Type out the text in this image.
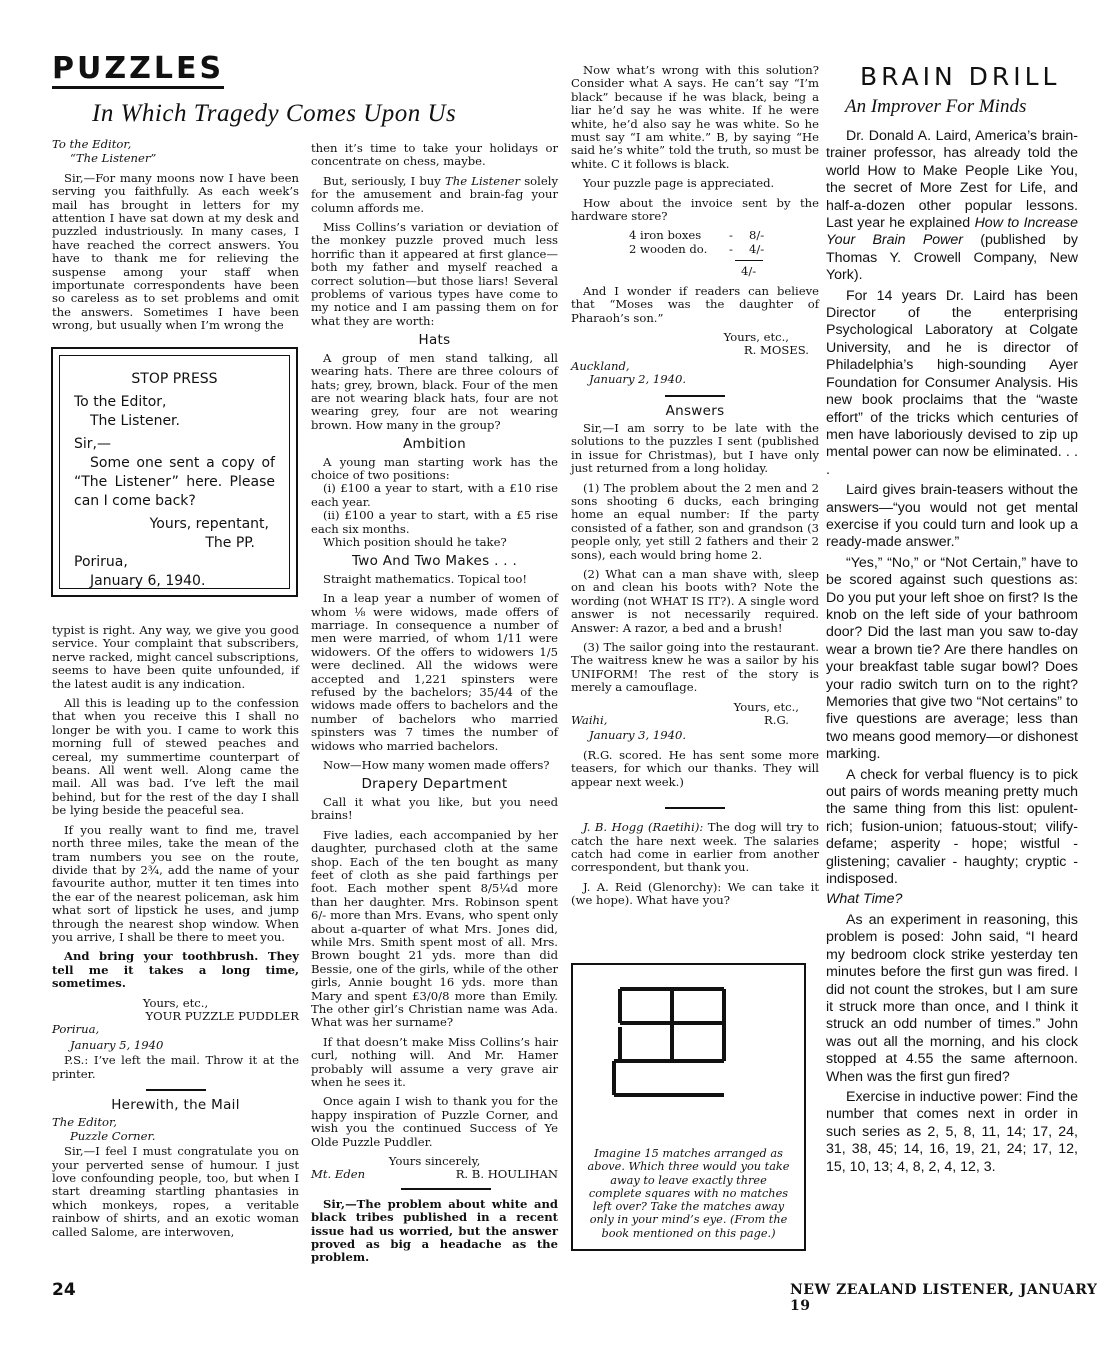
PUZZLES
In Which Tragedy Comes Upon Us

To the Editor,

“The Listener”

Sir,—For many moons now I have been serving you faithfully. As each week’s mail has brought in letters for my attention I have sat down at my desk and puzzled industriously. In many cases, I have reached the correct answers. You have to thank me for relieving the suspense among your staff when importunate correspondents have been so careless as to set problems and omit the answers. Sometimes I have been wrong, but usually when I’m wrong the

STOP PRESS
To the Editor,
The Listener.
Sir,—
Some one sent a copy of “The Listener” here. Please can I come back?
Yours, repentant,
The PP.
Porirua,
January 6, 1940.

typist is right. Any way, we give you good service. Your complaint that subscribers, nerve racked, might cancel subscriptions, seems to have been quite unfounded, if the latest audit is any indication.

All this is leading up to the confession that when you receive this I shall no longer be with you. I came to work this morning full of stewed peaches and cereal, my summertime counterpart of beans. All went well. Along came the mail. All was bad. I’ve left the mail behind, but for the rest of the day I shall be lying beside the peaceful sea.

If you really want to find me, travel north three miles, take the mean of the tram numbers you see on the route, divide that by 2¾, add the name of your favourite author, mutter it ten times into the ear of the nearest policeman, ask him what sort of lipstick he uses, and jump through the nearest shop window. When you arrive, I shall be there to meet you.

And bring your toothbrush. They tell me it takes a long time, sometimes.

Yours, etc.,

YOUR PUZZLE PUDDLER

Porirua,

January 5, 1940

P.S.: I’ve left the mail. Throw it at the printer.

Herewith, the Mail

The Editor,

Puzzle Corner.

Sir,—I feel I must congratulate you on your perverted sense of humour. I just love confounding people, too, but when I start dreaming startling phantasies in which monkeys, ropes, a veritable rainbow of shirts, and an exotic woman called Salome, are interwoven,

then it’s time to take your holidays or concentrate on chess, maybe.

But, seriously, I buy The Listener solely for the amusement and brain-fag your column affords me.

Miss Collins’s variation or deviation of the monkey puzzle proved much less horrific than it appeared at first glance—both my father and myself reached a correct solution—but those liars! Several problems of various types have come to my notice and I am passing them on for what they are worth:

Hats

A group of men stand talking, all wearing hats. There are three colours of hats; grey, brown, black. Four of the men are not wearing black hats, four are not wearing grey, four are not wearing brown. How many in the group?

Ambition

A young man starting work has the choice of two positions:

(i) £100 a year to start, with a £10 rise each year.

(ii) £100 a year to start, with a £5 rise each six months.

Which position should he take?

Two And Two Makes . . .

Straight mathematics. Topical too!

In a leap year a number of women of whom ⅛ were widows, made offers of marriage. In consequence a number of men were married, of whom 1/11 were widowers. Of the offers to widowers 1/5 were declined. All the widows were accepted and 1,221 spinsters were refused by the bachelors; 35/44 of the widows made offers to bachelors and the number of bachelors who married spinsters was 7 times the number of widows who married bachelors.

Now—How many women made offers?

Drapery Department

Call it what you like, but you need brains!

Five ladies, each accompanied by her daughter, purchased cloth at the same shop. Each of the ten bought as many feet of cloth as she paid farthings per foot. Each mother spent 8/5¼d more than her daughter. Mrs. Robinson spent 6/- more than Mrs. Evans, who spent only about a-quarter of what Mrs. Jones did, while Mrs. Smith spent most of all. Mrs. Brown bought 21 yds. more than did Bessie, one of the girls, while of the other girls, Annie bought 16 yds. more than Mary and spent £3/0/8 more than Emily. The other girl’s Christian name was Ada. What was her surname?

If that doesn’t make Miss Collins’s hair curl, nothing will. And Mr. Hamer probably will assume a very grave air when he sees it.

Once again I wish to thank you for the happy inspiration of Puzzle Corner, and wish you the continued Success of Ye Olde Puzzle Puddler.

Yours sincerely,

Mt. Eden	R. B. HOULIHAN

Sir,—The problem about white and black tribes published in a recent issue had us worried, but the answer proved as big a headache as the problem.

Now what’s wrong with this solution? Consider what A says. He can’t say “I’m black” because if he was black, being a liar he’d say he was white. If he were white, he’d also say he was white. So he must say “I am white.” B, by saying “He said he’s white” told the truth, so must be white. C it follows is black.

Your puzzle page is appreciated.

How about the invoice sent by the hardware store?

4 iron boxes	-	8/-
2 wooden do.	-	4/-
4/-

And I wonder if readers can believe that “Moses was the daughter of Pharaoh’s son.”

Yours, etc.,

R. MOSES.

Auckland,

January 2, 1940.

Answers

Sir,—I am sorry to be late with the solutions to the puzzles I sent (published in issue for Christmas), but I have only just returned from a long holiday.

(1) The problem about the 2 men and 2 sons shooting 6 ducks, each bringing home an equal number: If the party consisted of a father, son and grandson (3 people only, yet still 2 fathers and their 2 sons), each would bring home 2.

(2) What can a man shave with, sleep on and clean his boots with? Note the wording (not WHAT IS IT?). A single word answer is not necessarily required. Answer: A razor, a bed and a brush!

(3) The sailor going into the restaurant. The waitress knew he was a sailor by his UNIFORM! The rest of the story is merely a camouflage.

Yours, etc.,

Waihi,	R.G.

January 3, 1940.

(R.G. scored. He has sent some more teasers, for which our thanks. They will appear next week.)

J. B. Hogg (Raetihi): The dog will try to catch the hare next week. The salaries catch had come in earlier from another correspondent, but thank you.

J. A. Reid (Glenorchy): We can take it (we hope). What have you?

Imagine 15 matches arranged as above. Which three would you take away to leave exactly three complete squares with no matches left over? Take the matches away only in your mind’s eye. (From the book mentioned on this page.)
BRAIN DRILL
An Improver For Minds

Dr. Donald A. Laird, America’s brain-trainer professor, has already told the world How to Make People Like You, the secret of More Zest for Life, and half-a-dozen other popular lessons. Last year he explained How to Increase Your Brain Power (published by Thomas Y. Crowell Company, New York).

For 14 years Dr. Laird has been Director of the enterprising Psychological Laboratory at Colgate University, and he is director of Philadelphia’s high-sounding Ayer Foundation for Consumer Analysis. His new book proclaims that the “waste effort” of the tricks which centuries of men have laboriously devised to zip up mental power can now be eliminated. . . .

Laird gives brain-teasers without the answers—“you would not get mental exercise if you could turn and look up a ready-made answer.”

“Yes,” “No,” or “Not Certain,” have to be scored against such questions as: Do you put your left shoe on first? Is the knob on the left side of your bathroom door? Did the last man you saw to-day wear a brown tie? Are there handles on your breakfast table sugar bowl? Does your radio switch turn on to the right? Memories that give two “Not certains” to five questions are average; less than two means good memory—or dishonest marking.

A check for verbal fluency is to pick out pairs of words meaning pretty much the same thing from this list: opulent-rich; fusion-union; fatuous-stout; vilify-defame; asperity - hope; wistful - glistening; cavalier - haughty; cryptic - indisposed.

What Time?

As an experiment in reasoning, this problem is posed: John said, “I heard my bedroom clock strike yesterday ten minutes before the first gun was fired. I did not count the strokes, but I am sure it struck more than once, and I think it struck an odd number of times.” John was out all the morning, and his clock stopped at 4.55 the same afternoon. When was the first gun fired?

Exercise in inductive power: Find the number that comes next in order in such series as 2, 5, 8, 11, 14; 17, 24, 31, 38, 45; 14, 16, 19, 21, 24; 17, 12, 15, 10, 13; 4, 8, 2, 4, 12, 3.

24	NEW ZEALAND LISTENER, JANUARY 19
